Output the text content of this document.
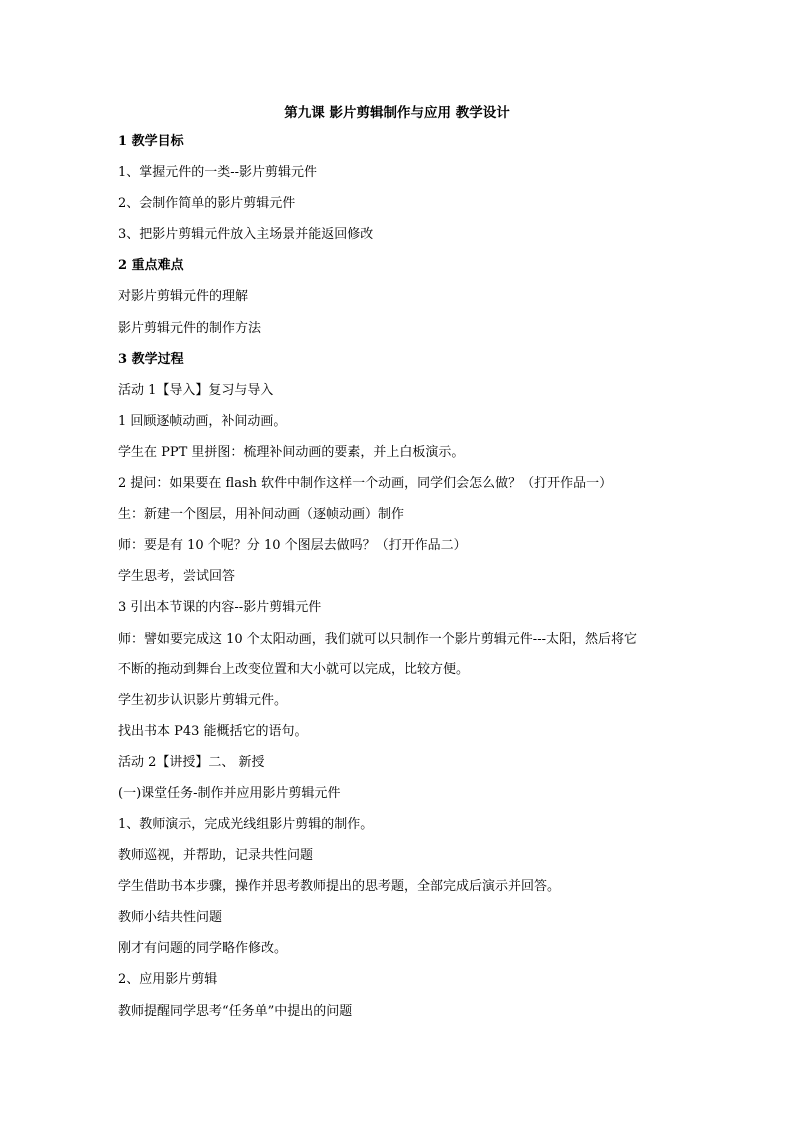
第九课 影片剪辑制作与应用 教学设计
1 教学目标
1、掌握元件的一类--影片剪辑元件
2、会制作简单的影片剪辑元件
3、把影片剪辑元件放入主场景并能返回修改
2 重点难点
对影片剪辑元件的理解
影片剪辑元件的制作方法
3 教学过程
活动 1【导入】复习与导入
1 回顾逐帧动画，补间动画。
学生在 PPT 里拼图：梳理补间动画的要素，并上白板演示。
2 提问：如果要在 flash 软件中制作这样一个动画，同学们会怎么做？（打开作品一）
生：新建一个图层，用补间动画（逐帧动画）制作
师：要是有 10 个呢？分 10 个图层去做吗？（打开作品二）
学生思考，尝试回答
3 引出本节课的内容--影片剪辑元件
师：譬如要完成这 10 个太阳动画，我们就可以只制作一个影片剪辑元件---太阳，然后将它
不断的拖动到舞台上改变位置和大小就可以完成，比较方便。
学生初步认识影片剪辑元件。
找出书本 P43 能概括它的语句。
活动 2【讲授】二、 新授
(一)课堂任务-制作并应用影片剪辑元件
1、教师演示，完成光线组影片剪辑的制作。
教师巡视，并帮助，记录共性问题
学生借助书本步骤，操作并思考教师提出的思考题，全部完成后演示并回答。
教师小结共性问题
刚才有问题的同学略作修改。
2、应用影片剪辑
教师提醒同学思考“任务单”中提出的问题
